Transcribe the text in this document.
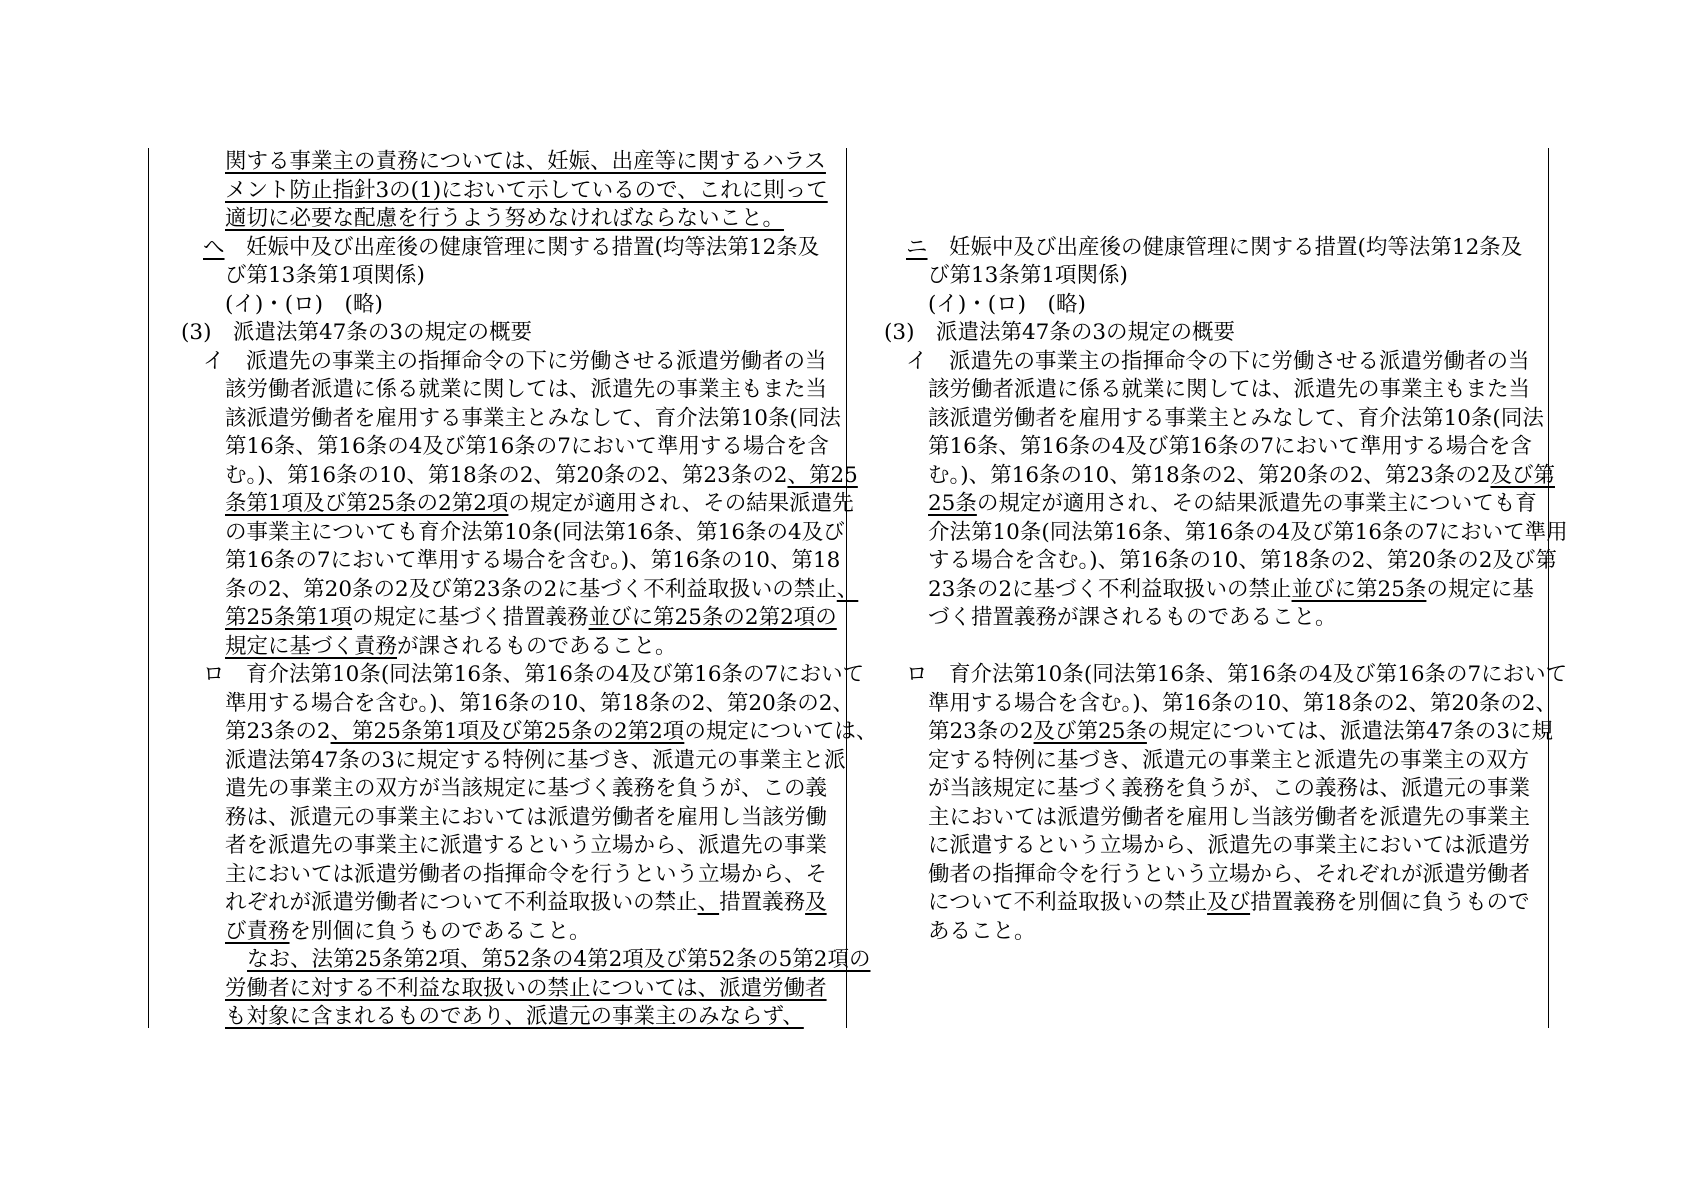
関する事業主の責務については、妊娠、出産等に関するハラス
メント防止指針3の(1)において示しているので、これに則って
適切に必要な配慮を行うよう努めなければならないこと。
へ　妊娠中及び出産後の健康管理に関する措置(均等法第12条及
び第13条第1項関係)
(イ)・(ロ)　(略)
(3)　派遣法第47条の3の規定の概要
イ　派遣先の事業主の指揮命令の下に労働させる派遣労働者の当
該労働者派遣に係る就業に関しては、派遣先の事業主もまた当
該派遣労働者を雇用する事業主とみなして、育介法第10条(同法
第16条、第16条の4及び第16条の7において準用する場合を含
む。)、第16条の10、第18条の2、第20条の2、第23条の2、第25
条第1項及び第25条の2第2項の規定が適用され、その結果派遣先
の事業主についても育介法第10条(同法第16条、第16条の4及び
第16条の7において準用する場合を含む。)、第16条の10、第18
条の2、第20条の2及び第23条の2に基づく不利益取扱いの禁止、
第25条第1項の規定に基づく措置義務並びに第25条の2第2項の
規定に基づく責務が課されるものであること。
ロ　育介法第10条(同法第16条、第16条の4及び第16条の7において
準用する場合を含む。)、第16条の10、第18条の2、第20条の2、
第23条の2、第25条第1項及び第25条の2第2項の規定については、
派遣法第47条の3に規定する特例に基づき、派遣元の事業主と派
遣先の事業主の双方が当該規定に基づく義務を負うが、この義
務は、派遣元の事業主においては派遣労働者を雇用し当該労働
者を派遣先の事業主に派遣するという立場から、派遣先の事業
主においては派遣労働者の指揮命令を行うという立場から、そ
れぞれが派遣労働者について不利益取扱いの禁止、措置義務及
び責務を別個に負うものであること。
なお、法第25条第2項、第52条の4第2項及び第52条の5第2項の
労働者に対する不利益な取扱いの禁止については、派遣労働者
も対象に含まれるものであり、派遣元の事業主のみならず、
ニ　妊娠中及び出産後の健康管理に関する措置(均等法第12条及
び第13条第1項関係)
(イ)・(ロ)　(略)
(3)　派遣法第47条の3の規定の概要
イ　派遣先の事業主の指揮命令の下に労働させる派遣労働者の当
該労働者派遣に係る就業に関しては、派遣先の事業主もまた当
該派遣労働者を雇用する事業主とみなして、育介法第10条(同法
第16条、第16条の4及び第16条の7において準用する場合を含
む。)、第16条の10、第18条の2、第20条の2、第23条の2及び第
25条の規定が適用され、その結果派遣先の事業主についても育
介法第10条(同法第16条、第16条の4及び第16条の7において準用
する場合を含む。)、第16条の10、第18条の2、第20条の2及び第
23条の2に基づく不利益取扱いの禁止並びに第25条の規定に基
づく措置義務が課されるものであること。
ロ　育介法第10条(同法第16条、第16条の4及び第16条の7において
準用する場合を含む。)、第16条の10、第18条の2、第20条の2、
第23条の2及び第25条の規定については、派遣法第47条の3に規
定する特例に基づき、派遣元の事業主と派遣先の事業主の双方
が当該規定に基づく義務を負うが、この義務は、派遣元の事業
主においては派遣労働者を雇用し当該労働者を派遣先の事業主
に派遣するという立場から、派遣先の事業主においては派遣労
働者の指揮命令を行うという立場から、それぞれが派遣労働者
について不利益取扱いの禁止及び措置義務を別個に負うもので
あること。
